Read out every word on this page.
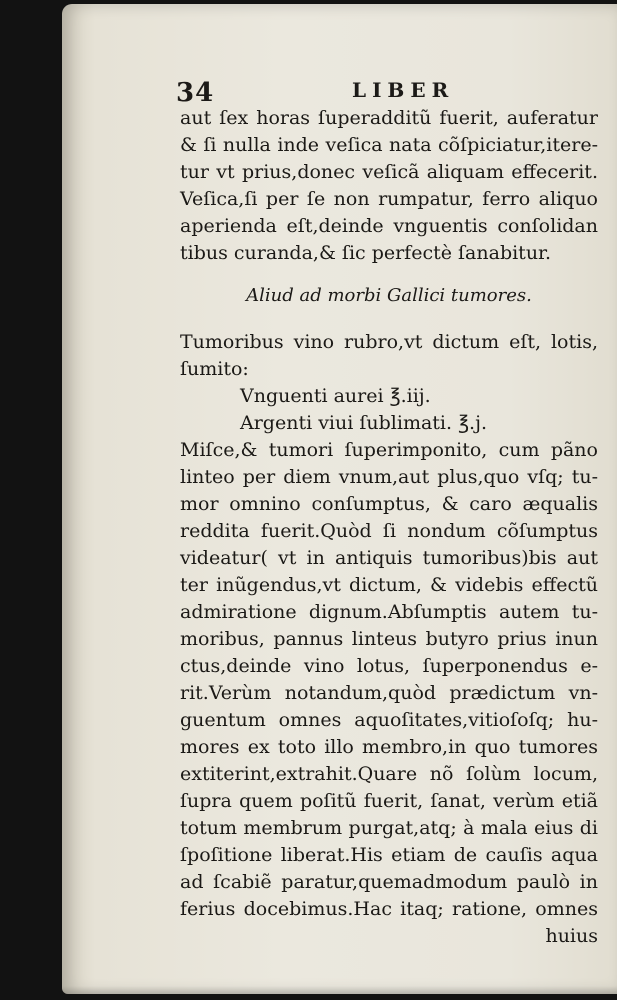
34	LIBER
aut ſex horas ſuperadditũ fuerit, auferatur
& ſi nulla inde veſica nata cõſpiciatur,itere-
tur vt prius,donec veſicã aliquam effecerit.
Veſica,ſi per ſe non rumpatur, ferro aliquo
aperienda eſt,deinde vnguentis conſolidan
tibus curanda,& ſic perfectè ſanabitur.
Aliud ad morbi Gallici tumores.
Tumoribus vino rubro,vt dictum eſt, lotis,
ſumito:
Vnguenti aurei ℥.iij.
Argenti viui ſublimati. ℥.j.
Miſce,& tumori ſuperimponito, cum pãno
linteo per diem vnum,aut plus,quo vſq; tu-
mor omnino conſumptus, & caro æqualis
reddita fuerit.Quòd ſi nondum cõſumptus
videatur( vt in antiquis tumoribus)bis aut
ter inũgendus,vt dictum, & videbis effectũ
admiratione dignum.Abſumptis autem tu-
moribus, pannus linteus butyro prius inun
ctus,deinde vino lotus, ſuperponendus e-
rit.Verùm notandum,quòd prædictum vn-
guentum omnes aquoſitates,vitioſoſq; hu-
mores ex toto illo membro,in quo tumores
extiterint,extrahit.Quare nõ ſolùm locum,
ſupra quem poſitũ fuerit, ſanat, verùm etiã
totum membrum purgat,atq; à mala eius di
ſpoſitione liberat.His etiam de cauſis aqua
ad ſcabiẽ paratur,quemadmodum paulò in
ferius docebimus.Hac itaq; ratione, omnes
huius
